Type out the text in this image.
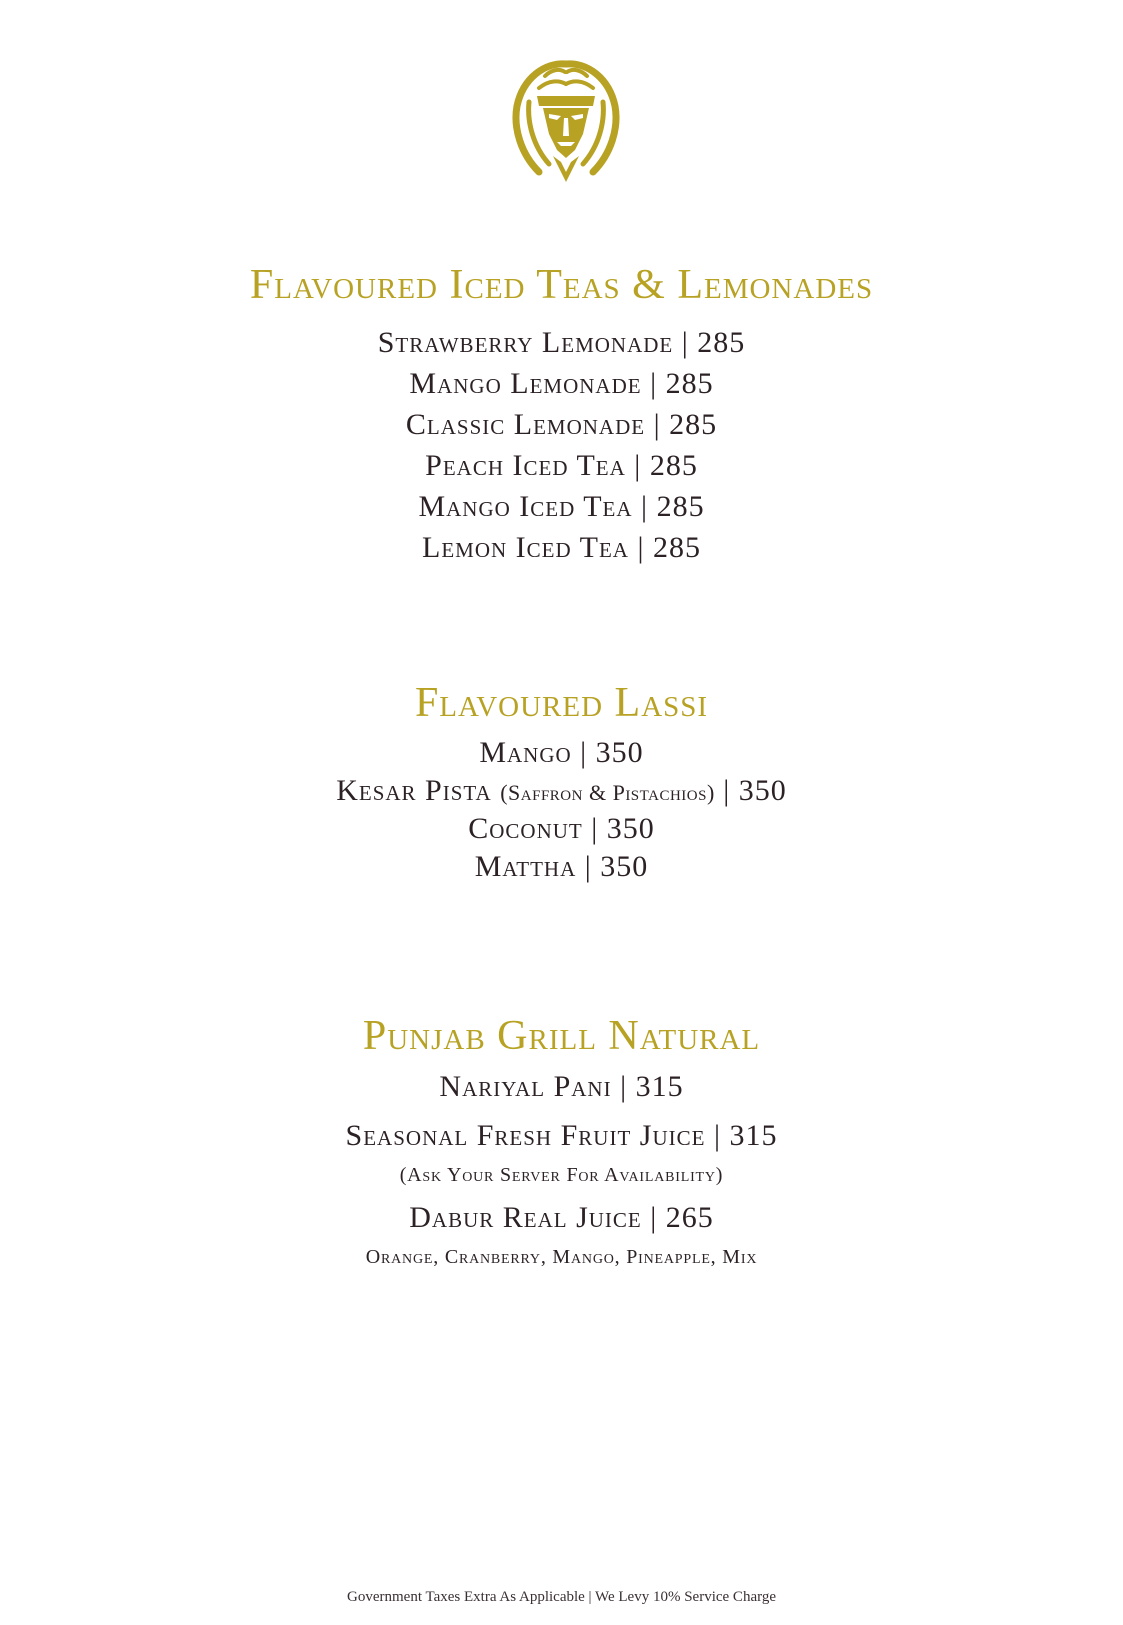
Flavoured Iced Teas & Lemonades
Strawberry Lemonade | 285
Mango Lemonade | 285
Classic Lemonade | 285
Peach Iced Tea | 285
Mango Iced Tea | 285
Lemon Iced Tea | 285
Flavoured Lassi
Mango | 350
Kesar Pista (Saffron & Pistachios) | 350
Coconut | 350
Mattha | 350
Punjab Grill Natural
Nariyal Pani | 315
Seasonal Fresh Fruit Juice | 315
(Ask Your Server For Availability)
Dabur Real Juice | 265
Orange, Cranberry, Mango, Pineapple, Mix
Government Taxes Extra As Applicable | We Levy 10% Service Charge
